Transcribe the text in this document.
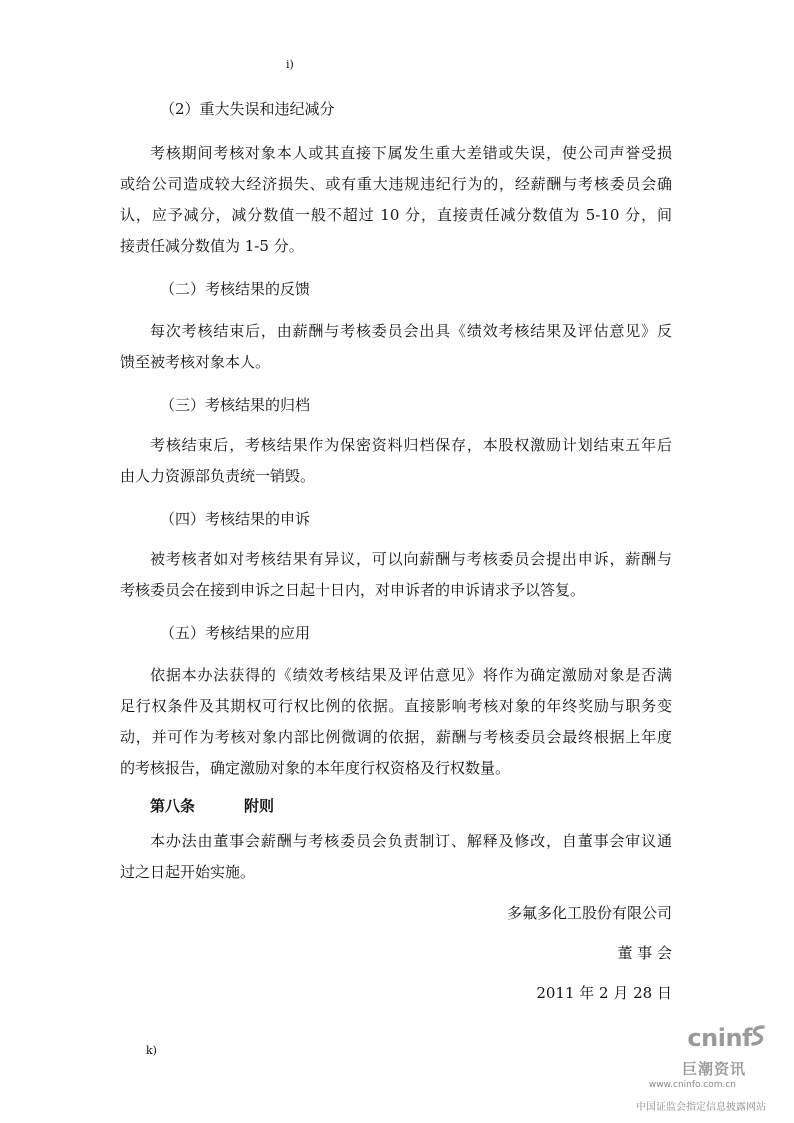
i)
（2）重大失误和违纪减分

考核期间考核对象本人或其直接下属发生重大差错或失误，使公司声誉受损

或给公司造成较大经济损失、或有重大违规违纪行为的，经薪酬与考核委员会确

认，应予减分，减分数值一般不超过 10 分，直接责任减分数值为 5-10 分，间

接责任减分数值为 1-5 分。

（二）考核结果的反馈

每次考核结束后，由薪酬与考核委员会出具《绩效考核结果及评估意见》反

馈至被考核对象本人。

（三）考核结果的归档

考核结束后，考核结果作为保密资料归档保存，本股权激励计划结束五年后

由人力资源部负责统一销毁。

（四）考核结果的申诉

被考核者如对考核结果有异议，可以向薪酬与考核委员会提出申诉，薪酬与

考核委员会在接到申诉之日起十日内，对申诉者的申诉请求予以答复。

（五）考核结果的应用

依据本办法获得的《绩效考核结果及评估意见》将作为确定激励对象是否满

足行权条件及其期权可行权比例的依据。直接影响考核对象的年终奖励与职务变

动，并可作为考核对象内部比例微调的依据，薪酬与考核委员会最终根据上年度

的考核报告，确定激励对象的本年度行权资格及行权数量。

第八条	附则

本办法由董事会薪酬与考核委员会负责制订、解释及修改，自董事会审议通

过之日起开始实施。

多氟多化工股份有限公司
董 事 会
2011 年 2 月 28 日
k)	cninf
巨潮资讯
www.cninfo.com.cn
中国证监会指定信息披露网站
